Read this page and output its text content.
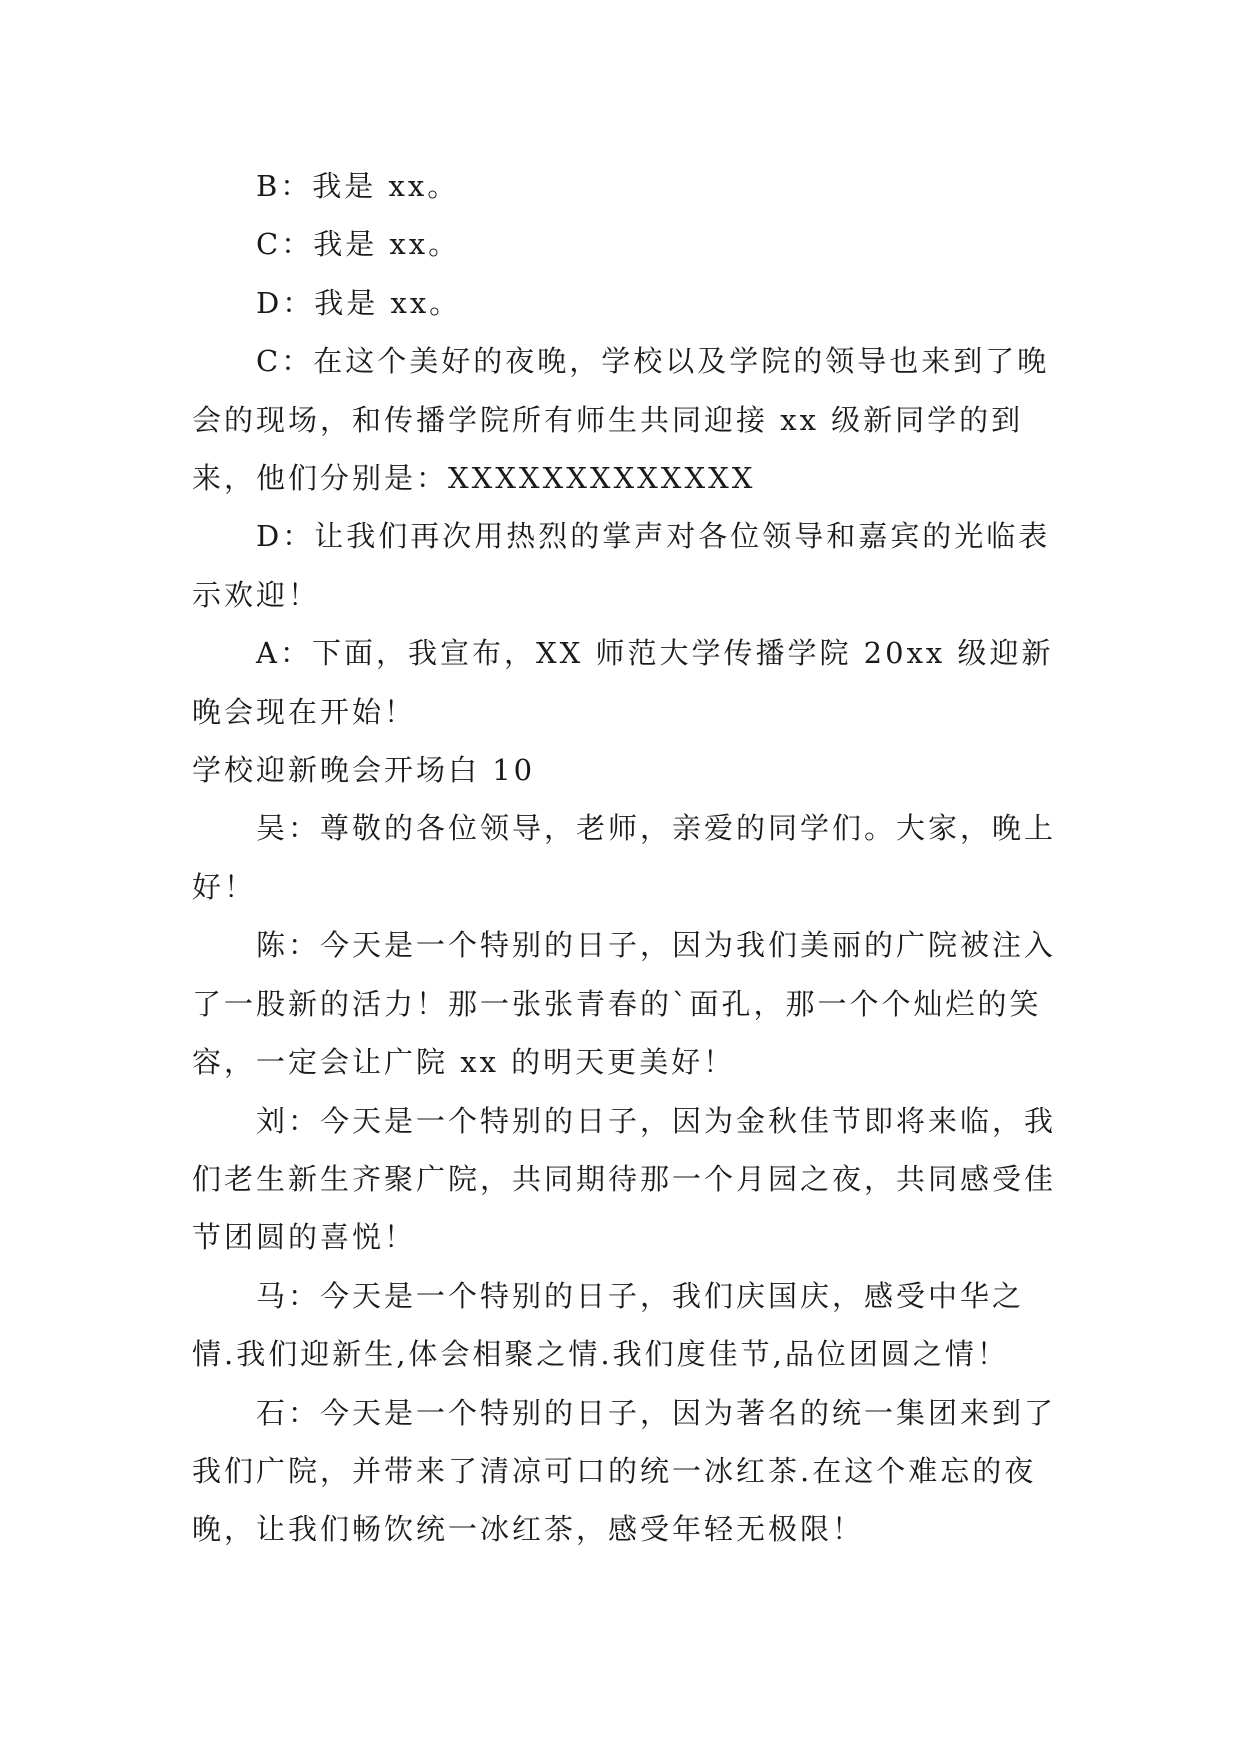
B：我是 xx。

C：我是 xx。

D：我是 xx。

C：在这个美好的夜晚，学校以及学院的领导也来到了晚会的现场，和传播学院所有师生共同迎接 xx 级新同学的到来，他们分别是：XXXXXXXXXXXXX

D：让我们再次用热烈的掌声对各位领导和嘉宾的光临表示欢迎！

A：下面，我宣布，XX 师范大学传播学院 20xx 级迎新晚会现在开始！

学校迎新晚会开场白 10

吴：尊敬的各位领导，老师，亲爱的同学们。大家，晚上好！

陈：今天是一个特别的日子，因为我们美丽的广院被注入了一股新的活力！那一张张青春的`面孔，那一个个灿烂的笑容，一定会让广院 xx 的明天更美好！

刘：今天是一个特别的日子，因为金秋佳节即将来临，我们老生新生齐聚广院，共同期待那一个月园之夜，共同感受佳节团圆的喜悦！

马：今天是一个特别的日子，我们庆国庆，感受中华之情.我们迎新生,体会相聚之情.我们度佳节,品位团圆之情！

石：今天是一个特别的日子，因为著名的统一集团来到了我们广院，并带来了清凉可口的统一冰红茶.在这个难忘的夜晚，让我们畅饮统一冰红茶，感受年轻无极限！
